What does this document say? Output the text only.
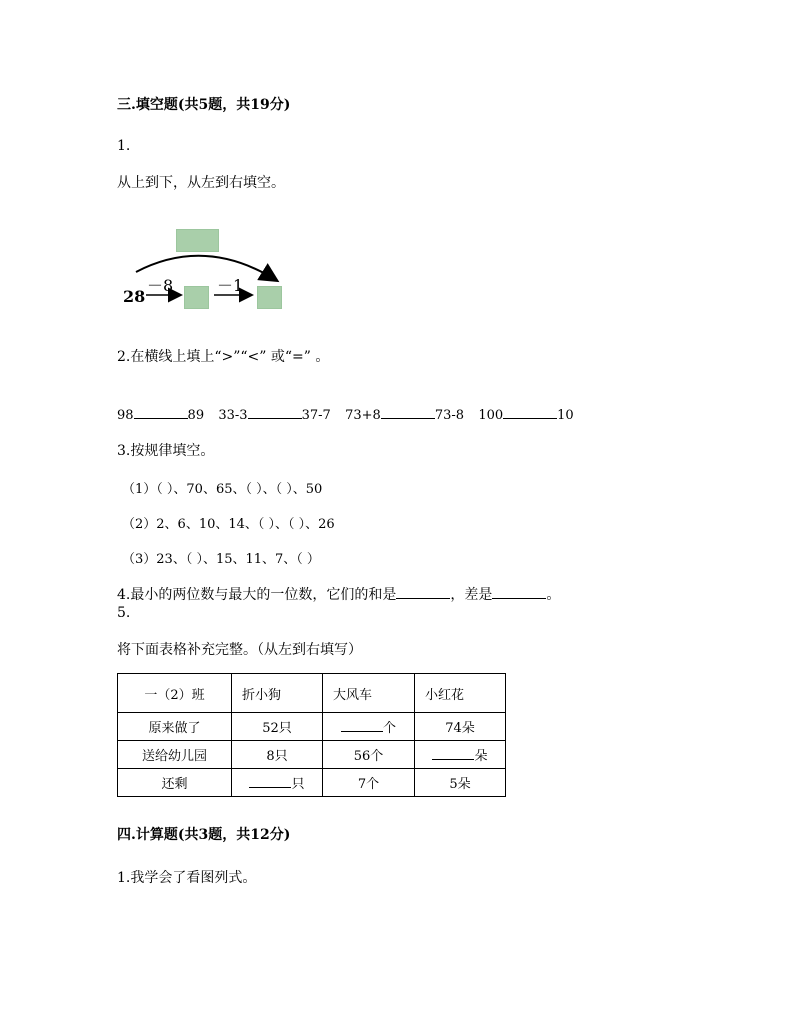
三.填空题(共5题，共19分)
1.
从上到下，从左到右填空。
28
－8	－1
2.在横线上填上“>”“<” 或“=” 。
98	89 33-3	37-7 73+8	73-8 100	10
3.按规律填空。
（1）（ ）、70、65、（ ）、（ ）、50
（2）2、6、10、14、（ ）、（ ）、26
（3）23、（ ）、15、11、7、（ ）
4.最小的两位数与最大的一位数，它们的和是	，差是	。
5.
将下面表格补充完整。（从左到右填写）
一（2）班	折小狗	大风车	小红花
原来做了	52只	个	74朵
送给幼儿园	8只	56个	朵
还剩	只	7个	5朵
四.计算题(共3题，共12分)
1.我学会了看图列式。
